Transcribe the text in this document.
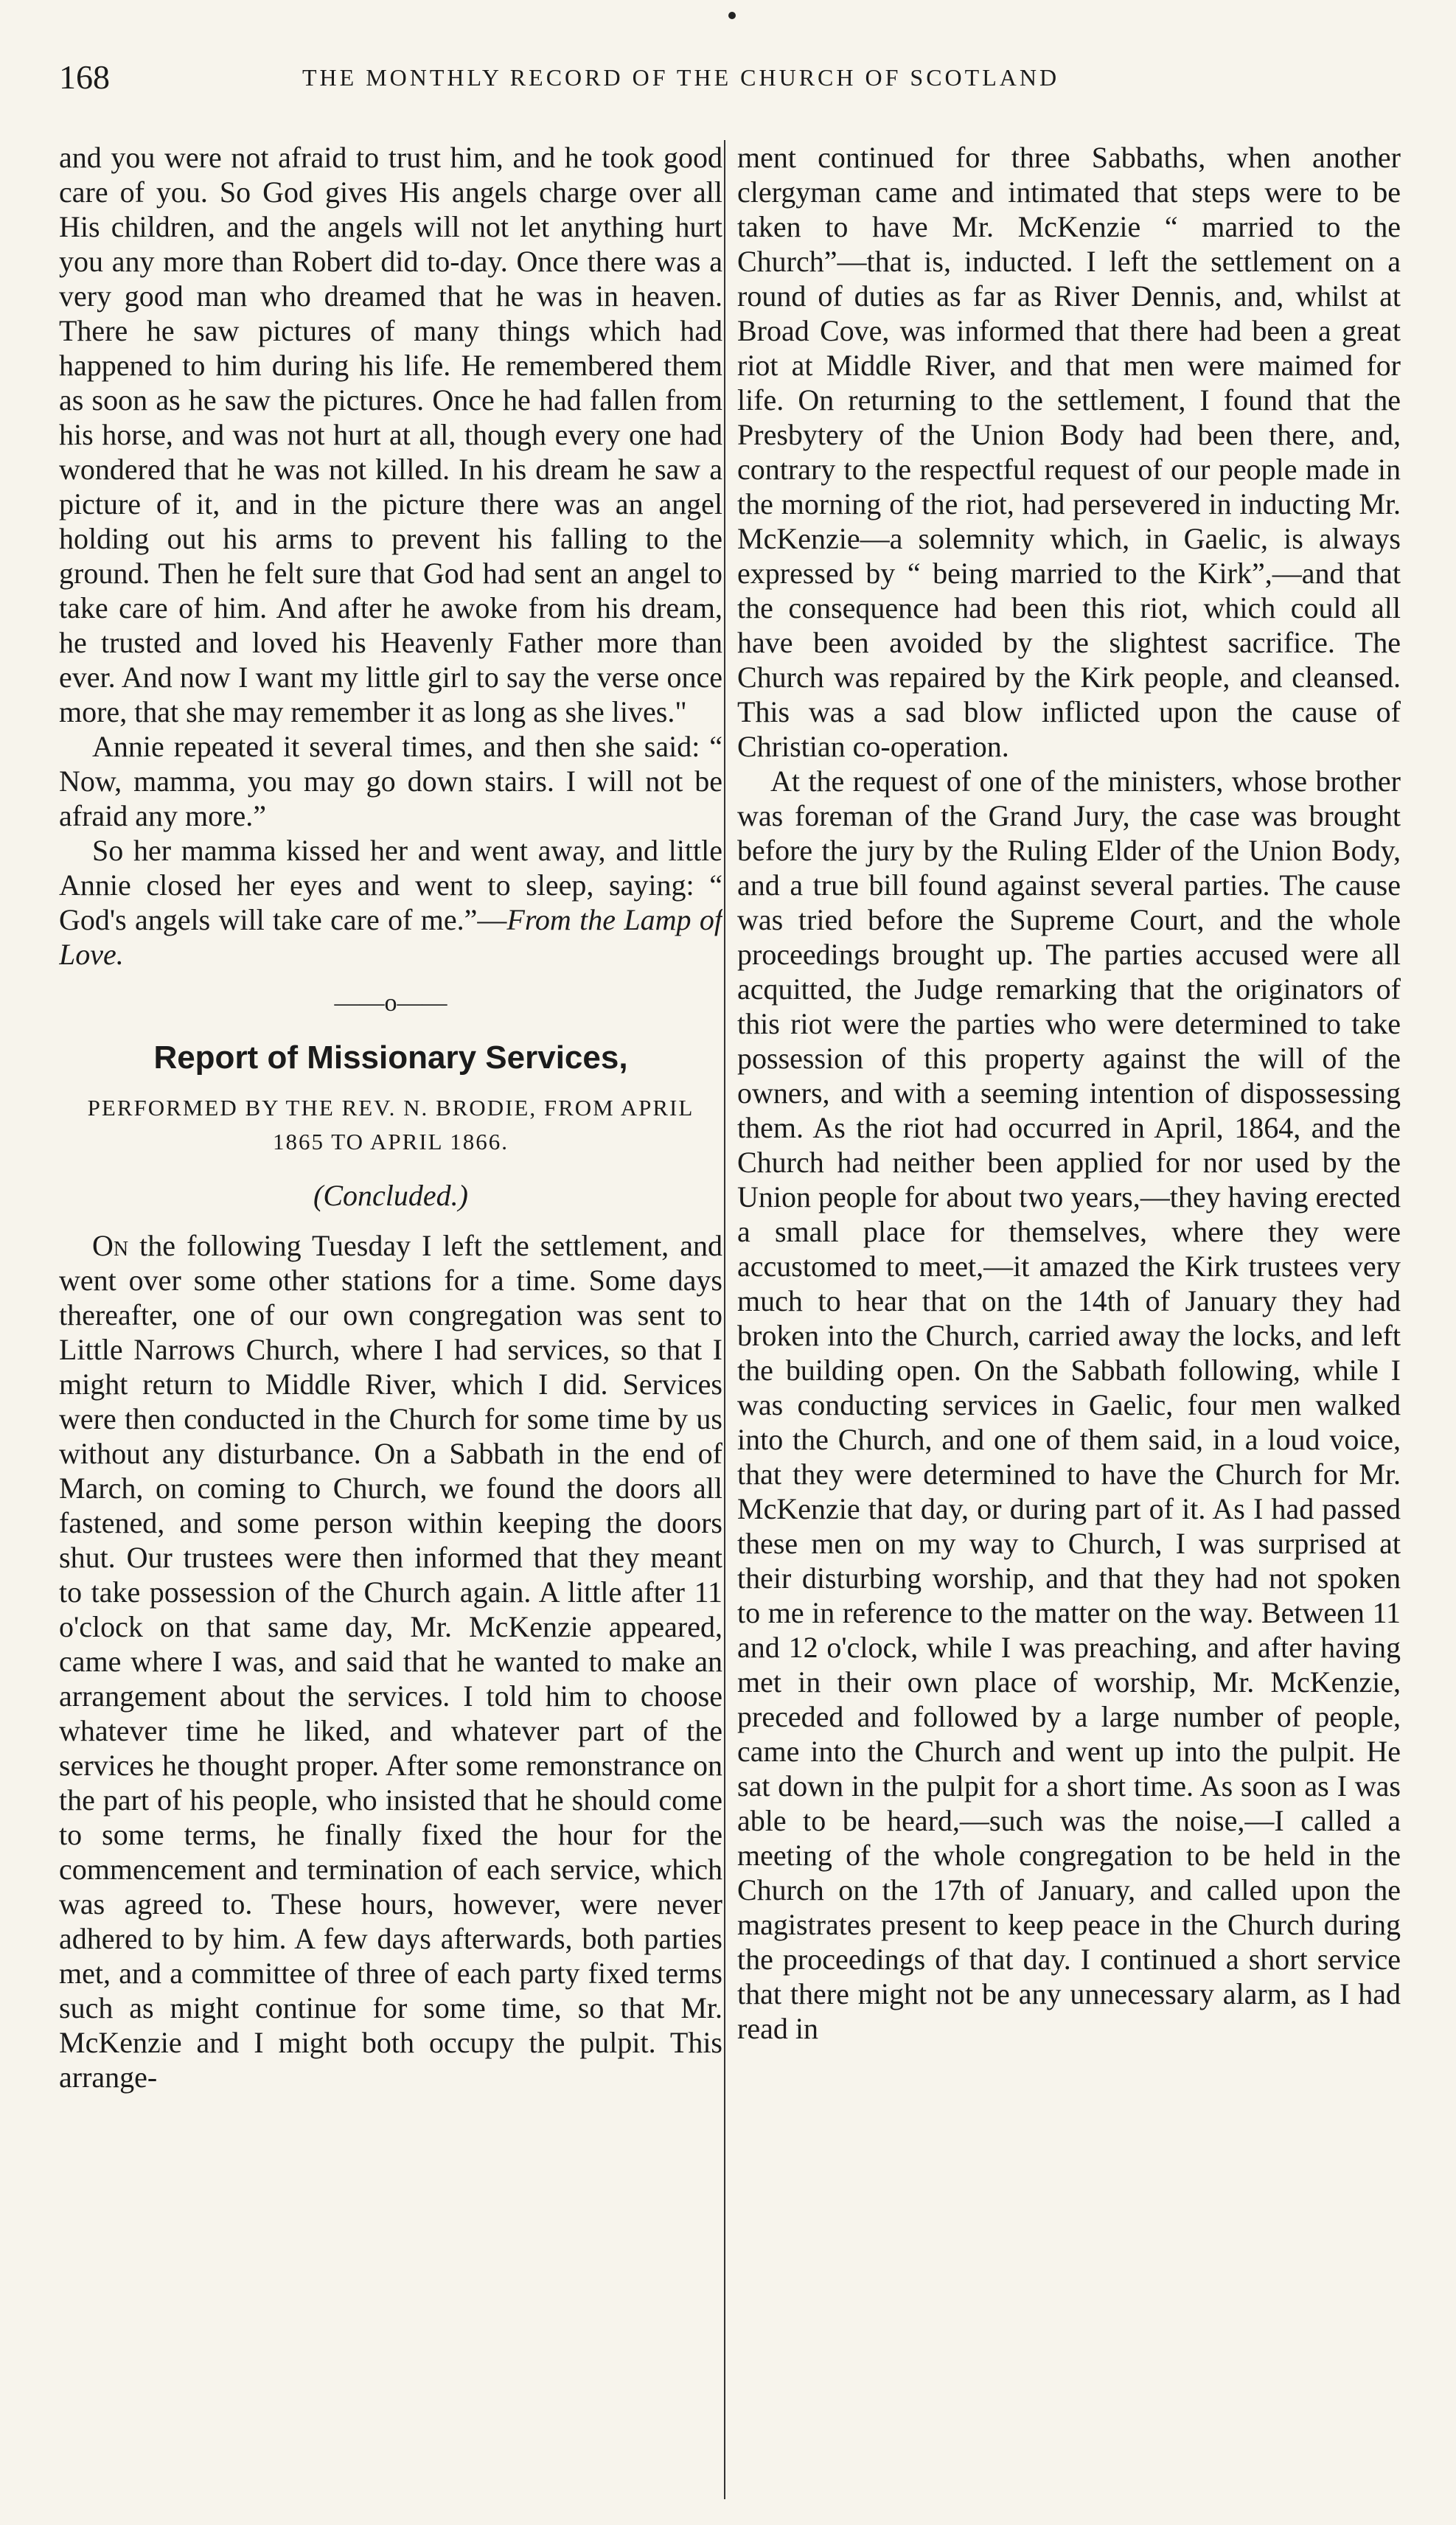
168	THE MONTHLY RECORD OF THE CHURCH OF SCOTLAND

and you were not afraid to trust him, and he took good care of you. So God gives His angels charge over all His children, and the angels will not let anything hurt you any more than Robert did to-day. Once there was a very good man who dreamed that he was in heaven. There he saw pictures of many things which had happened to him during his life. He remembered them as soon as he saw the pictures. Once he had fallen from his horse, and was not hurt at all, though every one had wondered that he was not killed. In his dream he saw a picture of it, and in the picture there was an angel holding out his arms to prevent his falling to the ground. Then he felt sure that God had sent an angel to take care of him. And after he awoke from his dream, he trusted and loved his Heavenly Father more than ever. And now I want my little girl to say the verse once more, that she may remember it as long as she lives."

Annie repeated it several times, and then she said: “ Now, mamma, you may go down stairs. I will not be afraid any more.”

So her mamma kissed her and went away, and little Annie closed her eyes and went to sleep, saying: “ God's angels will take care of me.”—From the Lamp of Love.

——o——
Report of Missionary Services,
PERFORMED BY THE REV. N. BRODIE, FROM APRIL 1865 TO APRIL 1866.
(Concluded.)

On the following Tuesday I left the settlement, and went over some other stations for a time. Some days thereafter, one of our own congregation was sent to Little Narrows Church, where I had services, so that I might return to Middle River, which I did. Services were then conducted in the Church for some time by us without any disturbance. On a Sabbath in the end of March, on coming to Church, we found the doors all fastened, and some person within keeping the doors shut. Our trustees were then informed that they meant to take possession of the Church again. A little after 11 o'clock on that same day, Mr. McKenzie appeared, came where I was, and said that he wanted to make an arrangement about the services. I told him to choose whatever time he liked, and whatever part of the services he thought proper. After some remonstrance on the part of his people, who insisted that he should come to some terms, he finally fixed the hour for the commencement and termination of each service, which was agreed to. These hours, however, were never adhered to by him. A few days afterwards, both parties met, and a committee of three of each party fixed terms such as might continue for some time, so that Mr. McKenzie and I might both occupy the pulpit. This arrange-

ment continued for three Sabbaths, when another clergyman came and intimated that steps were to be taken to have Mr. McKenzie “ married to the Church”—that is, inducted. I left the settlement on a round of duties as far as River Dennis, and, whilst at Broad Cove, was informed that there had been a great riot at Middle River, and that men were maimed for life. On returning to the settlement, I found that the Presbytery of the Union Body had been there, and, contrary to the respectful request of our people made in the morning of the riot, had persevered in inducting Mr. McKenzie—a solemnity which, in Gaelic, is always expressed by “ being married to the Kirk”,—and that the consequence had been this riot, which could all have been avoided by the slightest sacrifice. The Church was repaired by the Kirk people, and cleansed. This was a sad blow inflicted upon the cause of Christian co-operation.

At the request of one of the ministers, whose brother was foreman of the Grand Jury, the case was brought before the jury by the Ruling Elder of the Union Body, and a true bill found against several parties. The cause was tried before the Supreme Court, and the whole proceedings brought up. The parties accused were all acquitted, the Judge remarking that the originators of this riot were the parties who were determined to take possession of this property against the will of the owners, and with a seeming intention of dispossessing them. As the riot had occurred in April, 1864, and the Church had neither been applied for nor used by the Union people for about two years,—they having erected a small place for themselves, where they were accustomed to meet,—it amazed the Kirk trustees very much to hear that on the 14th of January they had broken into the Church, carried away the locks, and left the building open. On the Sabbath following, while I was conducting services in Gaelic, four men walked into the Church, and one of them said, in a loud voice, that they were determined to have the Church for Mr. McKenzie that day, or during part of it. As I had passed these men on my way to Church, I was surprised at their disturbing worship, and that they had not spoken to me in reference to the matter on the way. Between 11 and 12 o'clock, while I was preaching, and after having met in their own place of worship, Mr. McKenzie, preceded and followed by a large number of people, came into the Church and went up into the pulpit. He sat down in the pulpit for a short time. As soon as I was able to be heard,—such was the noise,—I called a meeting of the whole congregation to be held in the Church on the 17th of January, and called upon the magistrates present to keep peace in the Church during the proceedings of that day. I continued a short service that there might not be any unnecessary alarm, as I had read in
